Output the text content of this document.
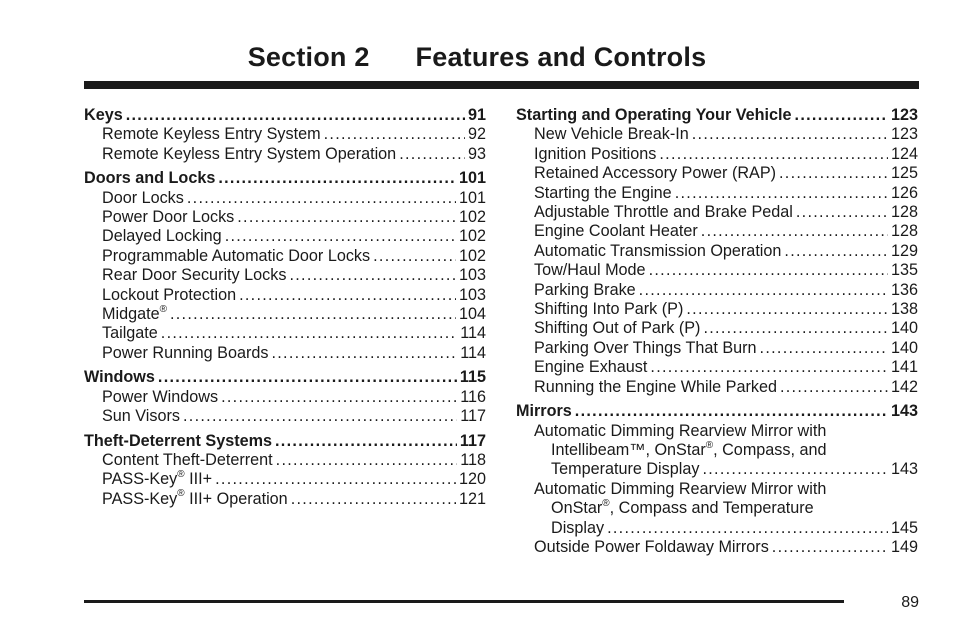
Section 2 Features and Controls
Keys . . .	91
Remote Keyless Entry System . . .	92
Remote Keyless Entry System Operation . . .	93
Doors and Locks . . .	101
Door Locks . . .	101
Power Door Locks . . .	102
Delayed Locking . . .	102
Programmable Automatic Door Locks . . .	102
Rear Door Security Locks . . .	103
Lockout Protection . . .	103
Midgate® . . .	104
Tailgate . . .	114
Power Running Boards . . .	114
Windows . . .	115
Power Windows . . .	116
Sun Visors . . .	117
Theft-Deterrent Systems . . .	117
Content Theft-Deterrent . . .	118
PASS-Key® III+ . . .	120
PASS-Key® III+ Operation . . .	121
Starting and Operating Your Vehicle . . .	123
New Vehicle Break-In . . .	123
Ignition Positions . . .	124
Retained Accessory Power (RAP) . . .	125
Starting the Engine . . .	126
Adjustable Throttle and Brake Pedal . . .	128
Engine Coolant Heater . . .	128
Automatic Transmission Operation . . .	129
Tow/Haul Mode . . .	135
Parking Brake . . .	136
Shifting Into Park (P) . . .	138
Shifting Out of Park (P) . . .	140
Parking Over Things That Burn . . .	140
Engine Exhaust . . .	141
Running the Engine While Parked . . .	142
Mirrors . . .	143
Automatic Dimming Rearview Mirror with
Intellibeam™, OnStar®, Compass, and
Temperature Display . . .	143
Automatic Dimming Rearview Mirror with
OnStar®, Compass and Temperature
Display . . .	145
Outside Power Foldaway Mirrors . . .	149
89
